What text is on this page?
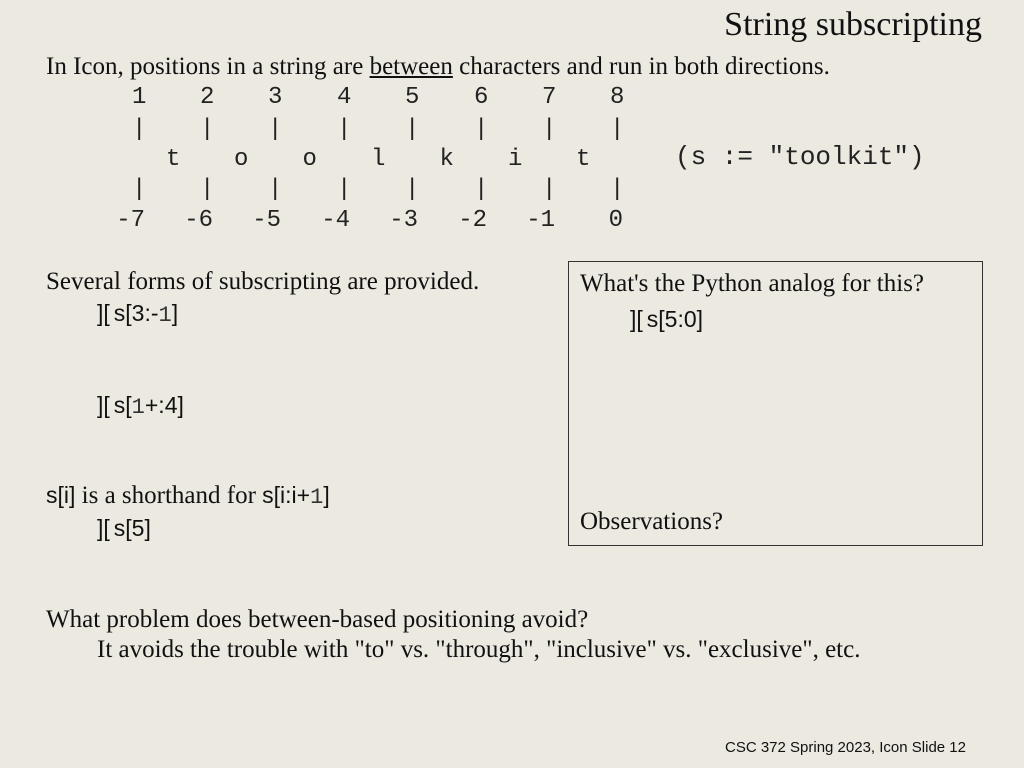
String subscripting
In Icon, positions in a string are between characters and run in both directions.
1 2 3 4 5 6 7 8
| | | | | | | |
t o o l k i t
| | | | | | | |
-7	-6	-5	-4	-3	-2	-1	0
(s := "toolkit")
Several forms of subscripting are provided.
][ s[3:-1]
][ s[1+:4]
s[i] is a shorthand for s[i:i+1]
][ s[5]
What's the Python analog for this?
][ s[5:0]
Observations?
What problem does between-based positioning avoid?
It avoids the trouble with "to" vs. "through", "inclusive" vs. "exclusive", etc.
CSC 372 Spring 2023, Icon Slide 12
